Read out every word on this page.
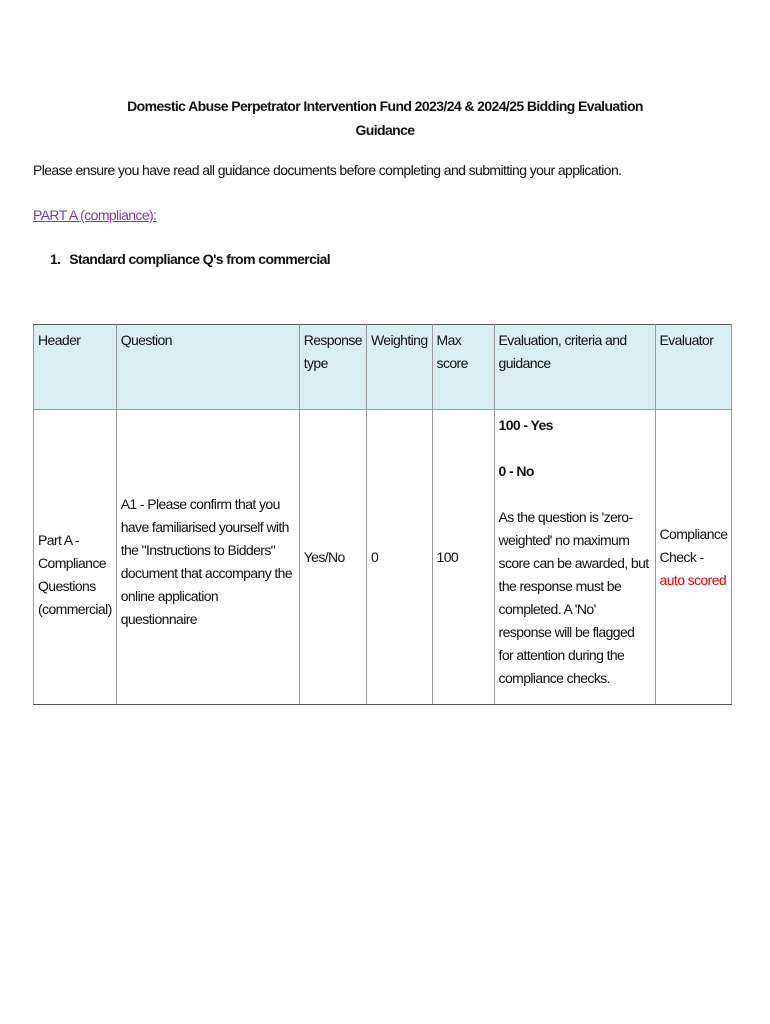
Domestic Abuse Perpetrator Intervention Fund 2023/24 & 2024/25 Bidding Evaluation
Guidance
Please ensure you have read all guidance documents before completing and submitting your application.
PART A (compliance):
1. Standard compliance Q's from commercial
Header	Question	Response type	Weighting	Max score	Evaluation, criteria and guidance	Evaluator
Part A - Compliance Questions (commercial)	A1 - Please confirm that you have familiarised yourself with the "Instructions to Bidders" document that accompany the online application questionnaire	Yes/No	0	100	100 - Yes
0 - No
As the question is 'zero-weighted' no maximum score can be awarded, but the response must be completed. A 'No' response will be flagged for attention during the compliance checks.	Compliance Check -
auto scored
